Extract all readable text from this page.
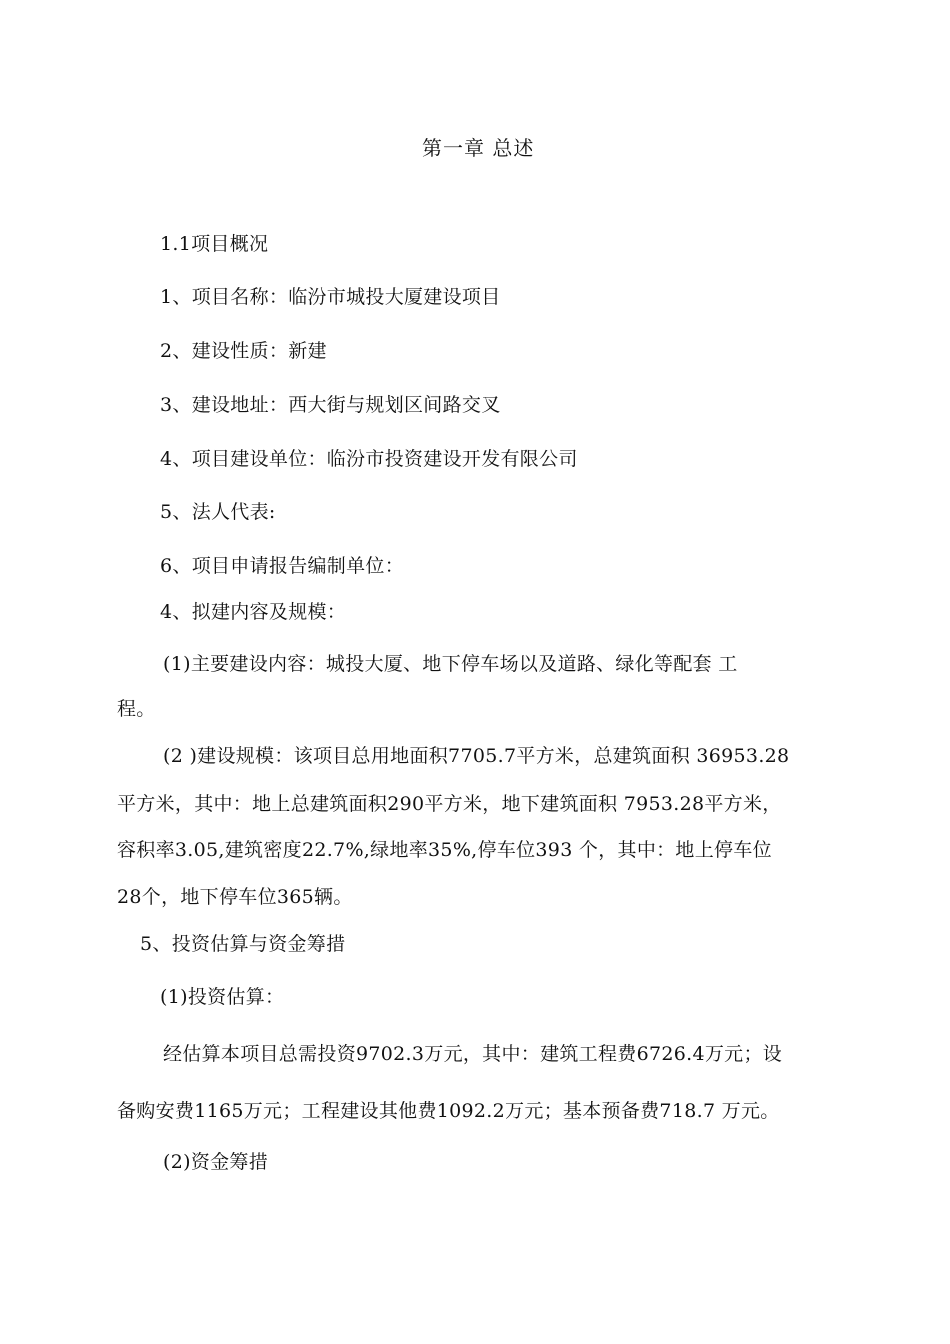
第一章 总述
1.1项目概况
1、项目名称：临汾市城投大厦建设项目
2、建设性质：新建
3、建设地址：西大街与规划区间路交叉
4、项目建设单位：临汾市投资建设开发有限公司
5、法人代表:
6、项目申请报告编制单位：
4、拟建内容及规模：
(1)主要建设内容：城投大厦、地下停车场以及道路、绿化等配套 工
程。
(2 )建设规模：该项目总用地面积7705.7平方米，总建筑面积 36953.28
平方米，其中：地上总建筑面积290平方米，地下建筑面积 7953.28平方米，
容积率3.05,建筑密度22.7%,绿地率35%,停车位393 个，其中：地上停车位
28个，地下停车位365辆。
5、投资估算与资金筹措
(1)投资估算：
经估算本项目总需投资9702.3万元，其中：建筑工程费6726.4万元；设
备购安费1165万元；工程建设其他费1092.2万元；基本预备费718.7 万元。
(2)资金筹措
